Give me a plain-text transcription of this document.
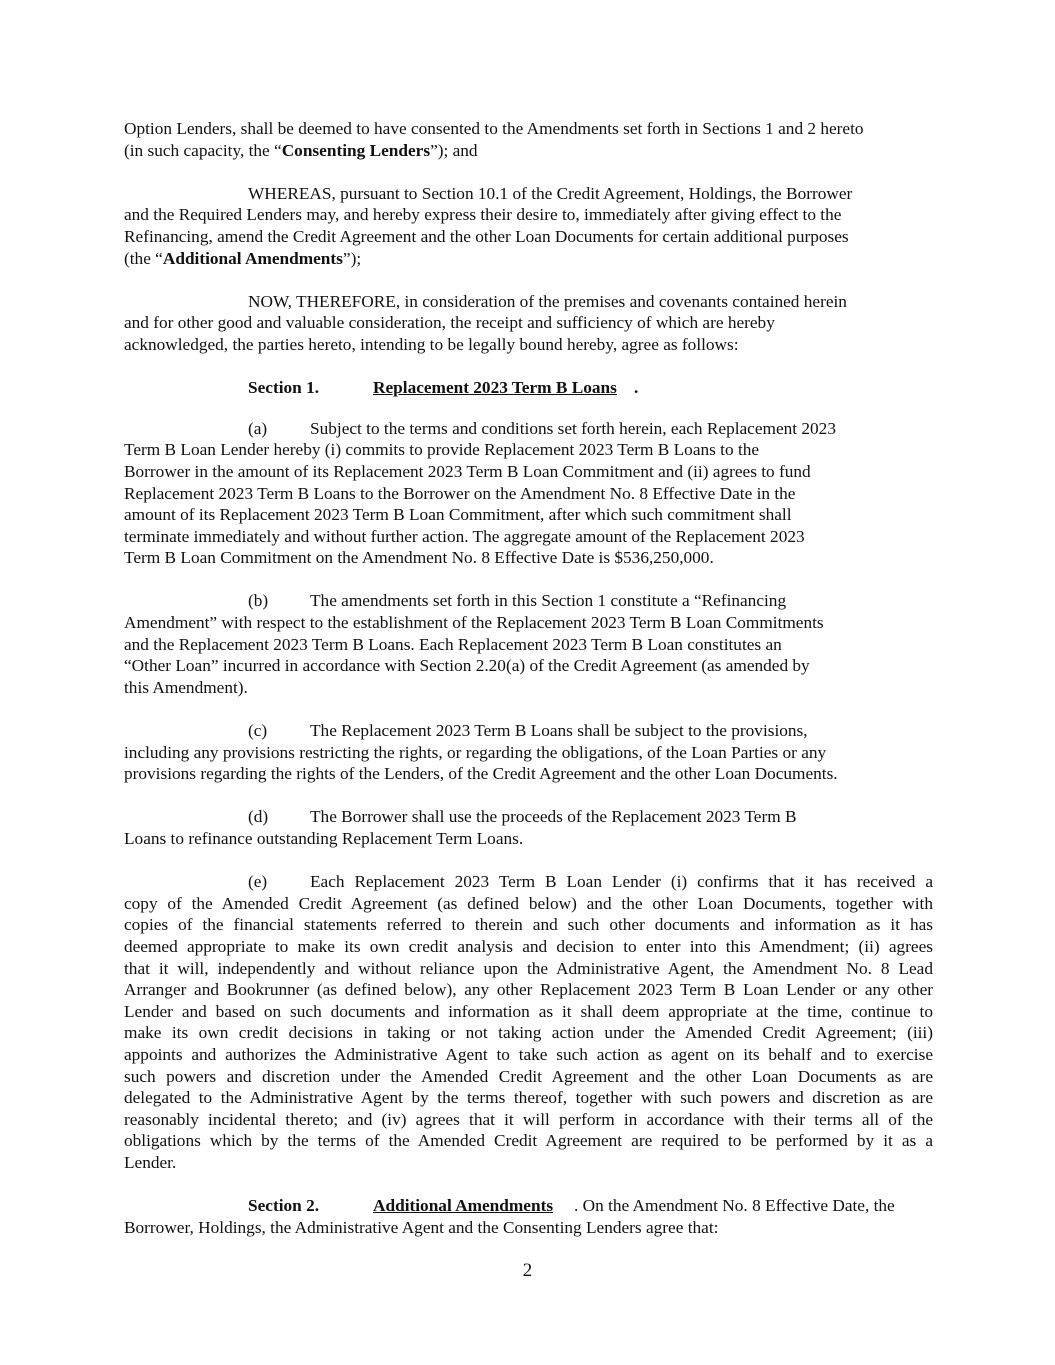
Option Lenders, shall be deemed to have consented to the Amendments set forth in Sections 1 and 2 hereto
(in such capacity, the “Consenting Lenders”); and
WHEREAS, pursuant to Section 10.1 of the Credit Agreement, Holdings, the Borrower
and the Required Lenders may, and hereby express their desire to, immediately after giving effect to the
Refinancing, amend the Credit Agreement and the other Loan Documents for certain additional purposes
(the “Additional Amendments”);
NOW, THEREFORE, in consideration of the premises and covenants contained herein
and for other good and valuable consideration, the receipt and sufficiency of which are hereby
acknowledged, the parties hereto, intending to be legally bound hereby, agree as follows:
Section 1.	Replacement 2023 Term B Loans .
(a) Subject to the terms and conditions set forth herein, each Replacement 2023
Term B Loan Lender hereby (i) commits to provide Replacement 2023 Term B Loans to the
Borrower in the amount of its Replacement 2023 Term B Loan Commitment and (ii) agrees to fund
Replacement 2023 Term B Loans to the Borrower on the Amendment No. 8 Effective Date in the
amount of its Replacement 2023 Term B Loan Commitment, after which such commitment shall
terminate immediately and without further action. The aggregate amount of the Replacement 2023
Term B Loan Commitment on the Amendment No. 8 Effective Date is $536,250,000.
(b) The amendments set forth in this Section 1 constitute a “Refinancing
Amendment” with respect to the establishment of the Replacement 2023 Term B Loan Commitments
and the Replacement 2023 Term B Loans. Each Replacement 2023 Term B Loan constitutes an
“Other Loan” incurred in accordance with Section 2.20(a) of the Credit Agreement (as amended by
this Amendment).
(c) The Replacement 2023 Term B Loans shall be subject to the provisions,
including any provisions restricting the rights, or regarding the obligations, of the Loan Parties or any
provisions regarding the rights of the Lenders, of the Credit Agreement and the other Loan Documents.
(d) The Borrower shall use the proceeds of the Replacement 2023 Term B
Loans to refinance outstanding Replacement Term Loans.
(e) Each Replacement 2023 Term B Loan Lender (i) confirms that it has received a
copy of the Amended Credit Agreement (as defined below) and the other Loan Documents, together with
copies of the financial statements referred to therein and such other documents and information as it has
deemed appropriate to make its own credit analysis and decision to enter into this Amendment; (ii) agrees
that it will, independently and without reliance upon the Administrative Agent, the Amendment No. 8 Lead
Arranger and Bookrunner (as defined below), any other Replacement 2023 Term B Loan Lender or any other
Lender and based on such documents and information as it shall deem appropriate at the time, continue to
make its own credit decisions in taking or not taking action under the Amended Credit Agreement; (iii)
appoints and authorizes the Administrative Agent to take such action as agent on its behalf and to exercise
such powers and discretion under the Amended Credit Agreement and the other Loan Documents as are
delegated to the Administrative Agent by the terms thereof, together with such powers and discretion as are
reasonably incidental thereto; and (iv) agrees that it will perform in accordance with their terms all of the
obligations which by the terms of the Amended Credit Agreement are required to be performed by it as a
Lender.
Section 2.	Additional Amendments . On the Amendment No. 8 Effective Date, the
Borrower, Holdings, the Administrative Agent and the Consenting Lenders agree that:
2
